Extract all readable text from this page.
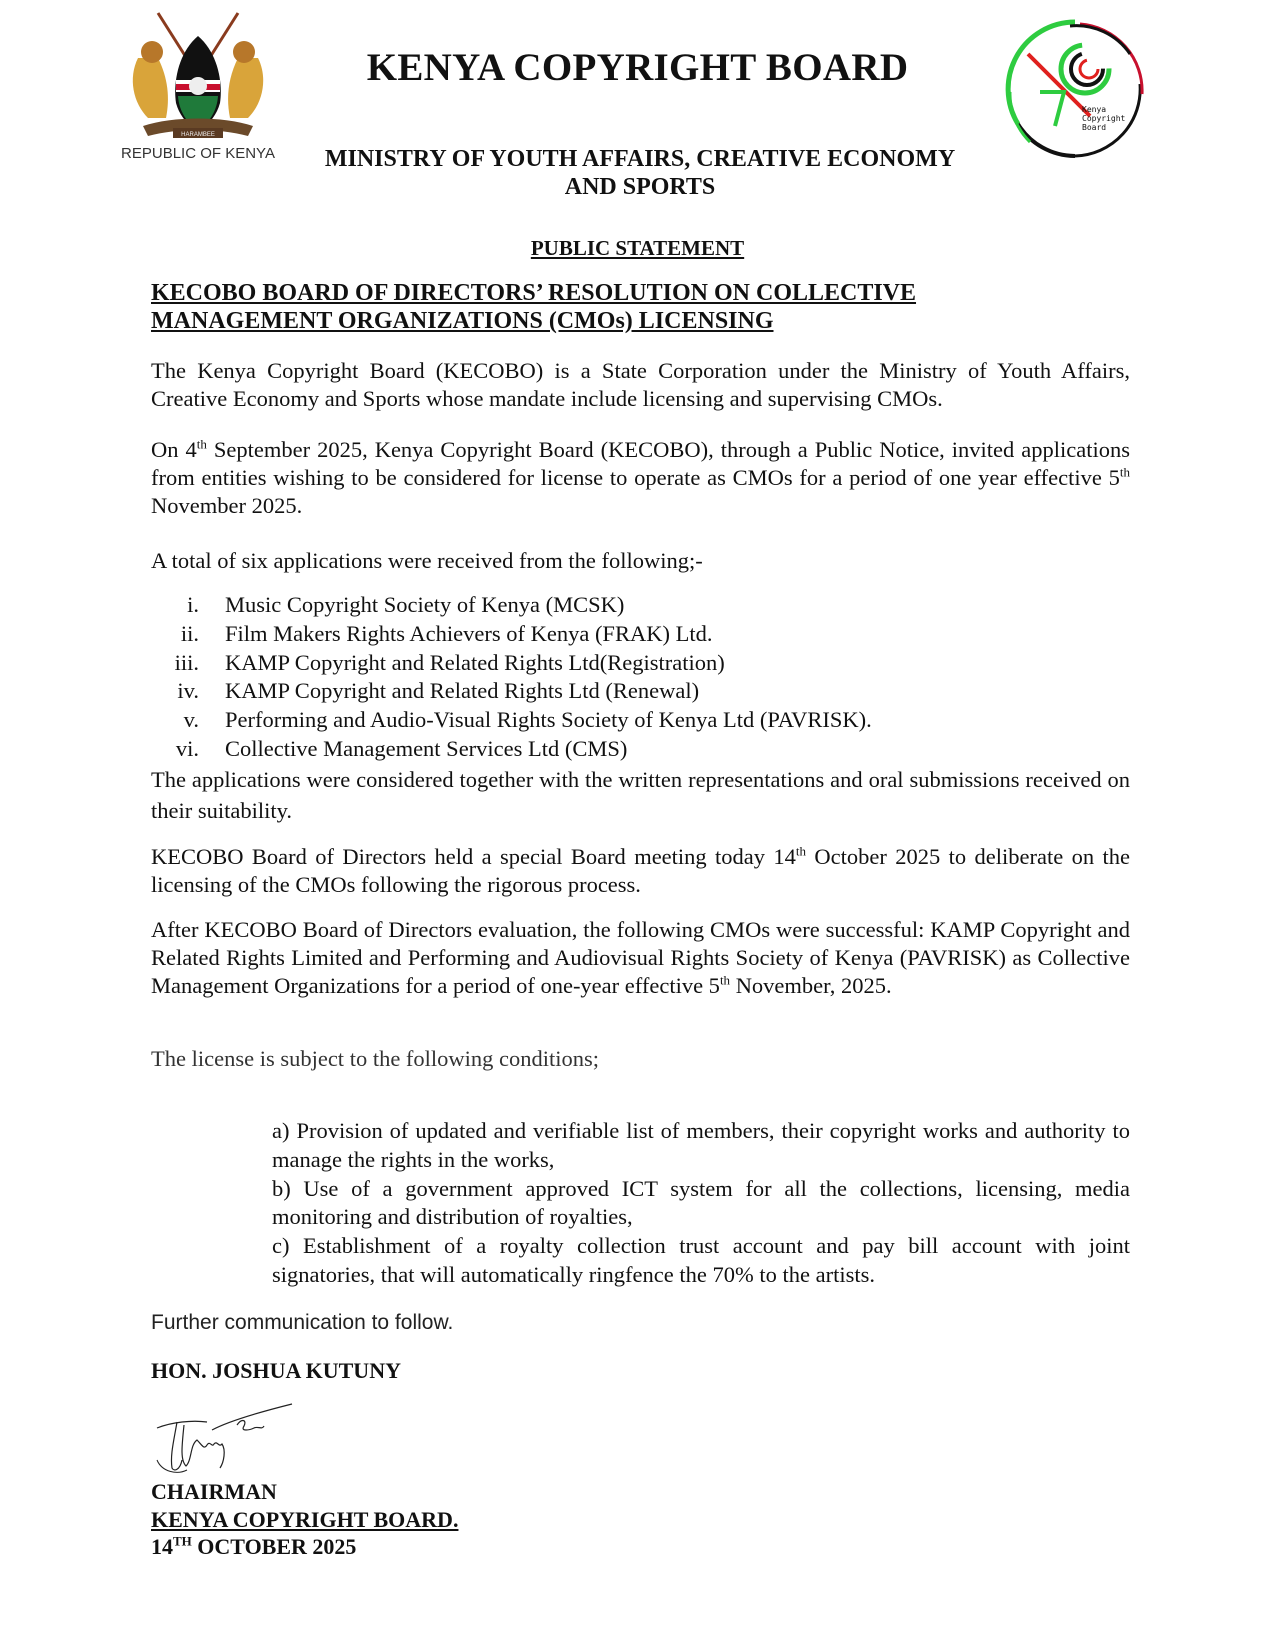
HARAMBEE
REPUBLIC OF KENYA
Kenya
Copyright
Board
KENYA COPYRIGHT BOARD
MINISTRY OF YOUTH AFFAIRS, CREATIVE ECONOMY
AND SPORTS
PUBLIC STATEMENT
KECOBO BOARD OF DIRECTORS’ RESOLUTION ON COLLECTIVE
MANAGEMENT ORGANIZATIONS (CMOs) LICENSING
The Kenya Copyright Board (KECOBO) is a State Corporation under the Ministry of Youth Affairs, Creative Economy and Sports whose mandate include licensing and supervising CMOs.
On 4th September 2025, Kenya Copyright Board (KECOBO), through a Public Notice, invited applications from entities wishing to be considered for license to operate as CMOs for a period of one year effective 5th November 2025.
A total of six applications were received from the following;-
i.	Music Copyright Society of Kenya (MCSK)
ii.	Film Makers Rights Achievers of Kenya (FRAK) Ltd.
iii.	KAMP Copyright and Related Rights Ltd(Registration)
iv.	KAMP Copyright and Related Rights Ltd (Renewal)
v.	Performing and Audio-Visual Rights Society of Kenya Ltd (PAVRISK).
vi.	Collective Management Services Ltd (CMS)
The applications were considered together with the written representations and oral submissions received on their suitability.
KECOBO Board of Directors held a special Board meeting today 14th October 2025 to deliberate on the licensing of the CMOs following the rigorous process.
After KECOBO Board of Directors evaluation, the following CMOs were successful: KAMP Copyright and Related Rights Limited and Performing and Audiovisual Rights Society of Kenya (PAVRISK) as Collective Management Organizations for a period of one-year effective 5th November, 2025.
The license is subject to the following conditions;
a) Provision of updated and verifiable list of members, their copyright works and authority to manage the rights in the works,
b) Use of a government approved ICT system for all the collections, licensing, media monitoring and distribution of royalties,
c) Establishment of a royalty collection trust account and pay bill account with joint signatories, that will automatically ringfence the 70% to the artists.
Further communication to follow.
HON. JOSHUA KUTUNY
CHAIRMAN
KENYA COPYRIGHT BOARD.
14TH OCTOBER 2025
